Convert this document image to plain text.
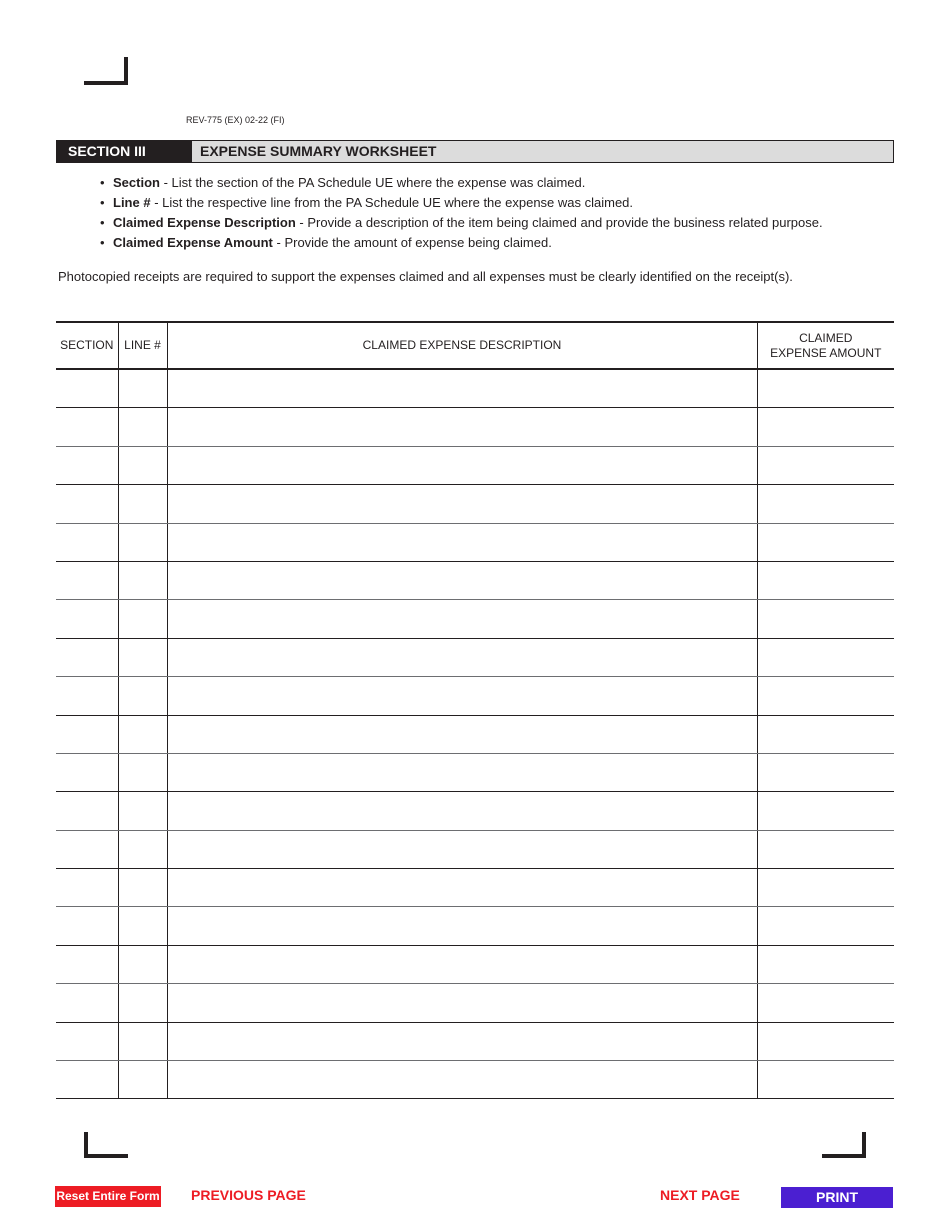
REV-775 (EX) 02-22 (FI)
SECTION III	EXPENSE SUMMARY WORKSHEET
• Section - List the section of the PA Schedule UE where the expense was claimed.
• Line # - List the respective line from the PA Schedule UE where the expense was claimed.
• Claimed Expense Description - Provide a description of the item being claimed and provide the business related purpose.
• Claimed Expense Amount - Provide the amount of expense being claimed.
Photocopied receipts are required to support the expenses claimed and all expenses must be clearly identified on the receipt(s).
SECTION	LINE #	CLAIMED EXPENSE DESCRIPTION	CLAIMED
EXPENSE AMOUNT

Reset Entire Form PREVIOUS PAGE	NEXT PAGE	PRINT
